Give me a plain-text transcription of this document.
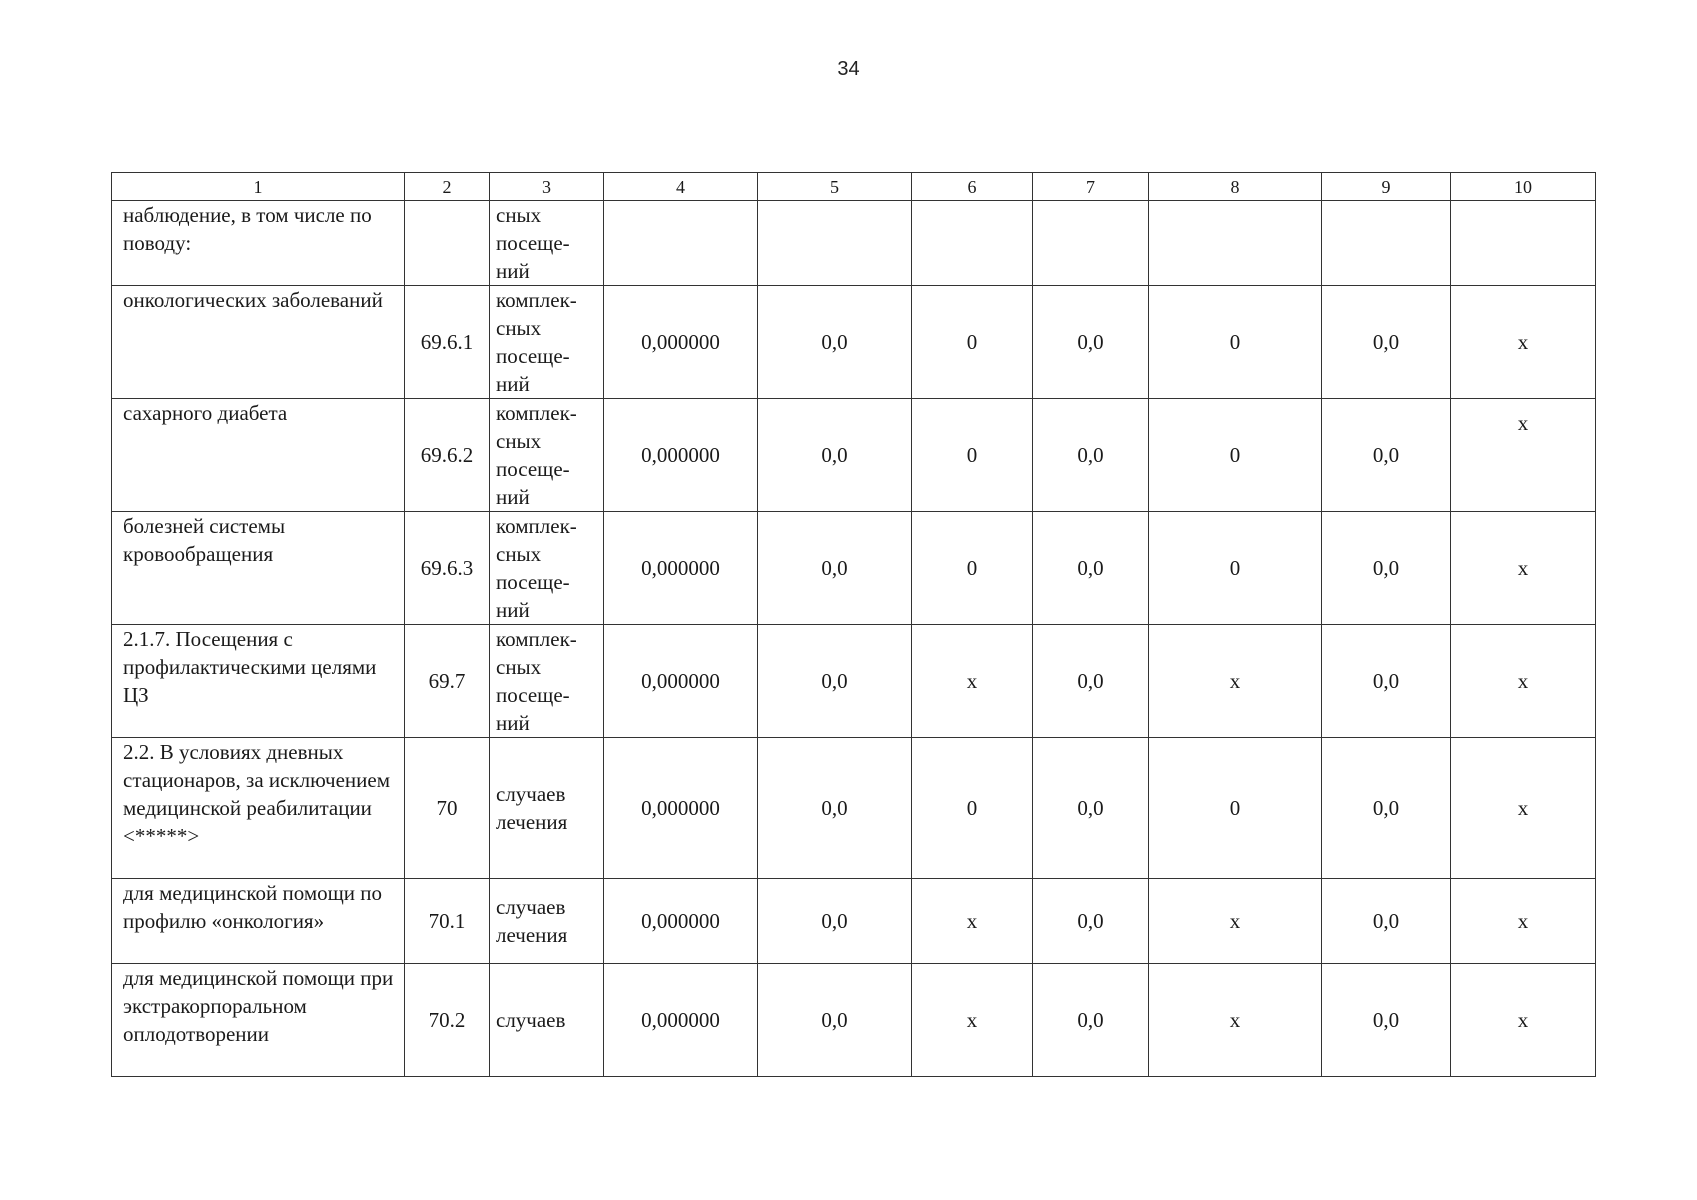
34
1	2	3	4	5	6	7	8	9	10
наблюдение, в том числе по поводу:		сных посеще-ний							
онкологических заболеваний	69.6.1	комплек-сных посеще-ний	0,000000	0,0	0	0,0	0	0,0	x
сахарного диабета	69.6.2	комплек-сных посеще-ний	0,000000	0,0	0	0,0	0	0,0	x
болезней системы кровообращения	69.6.3	комплек-сных посеще-ний	0,000000	0,0	0	0,0	0	0,0	x
2.1.7. Посещения с профилактическими целями ЦЗ	69.7	комплек-сных посеще-ний	0,000000	0,0	x	0,0	x	0,0	x
2.2. В условиях дневных стационаров, за исключением медицинской реабилитации <*****>	70	случаев лечения	0,000000	0,0	0	0,0	0	0,0	x
для медицинской помощи по профилю «онкология»	70.1	случаев лечения	0,000000	0,0	x	0,0	x	0,0	x
для медицинской помощи при экстракорпоральном оплодотворении	70.2	случаев	0,000000	0,0	x	0,0	x	0,0	x
